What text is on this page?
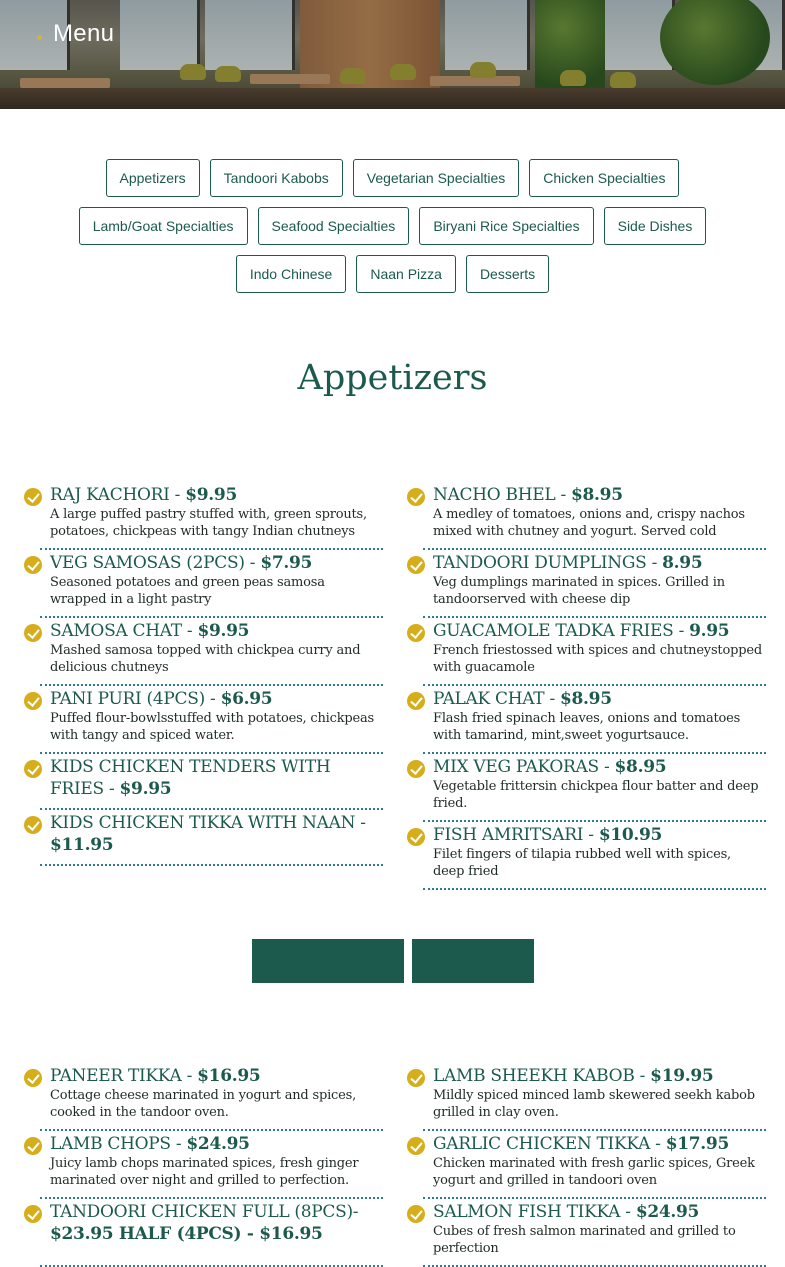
Menu
Appetizers	Tandoori Kabobs	Vegetarian Specialties	Chicken Specialties
Lamb/Goat Specialties	Seafood Specialties	Biryani Rice Specialties	Side Dishes
Indo Chinese	Naan Pizza	Desserts
Appetizers
RAJ KACHORI - $9.95
A large puffed pastry stuffed with, green sprouts, potatoes, chickpeas with tangy Indian chutneys
VEG SAMOSAS (2PCS) - $7.95
Seasoned potatoes and green peas samosa wrapped in a light pastry
SAMOSA CHAT - $9.95
Mashed samosa topped with chickpea curry and delicious chutneys
PANI PURI (4PCS) - $6.95
Puffed flour-bowlsstuffed with potatoes, chickpeas with tangy and spiced water.
KIDS CHICKEN TENDERS WITH FRIES - $9.95
KIDS CHICKEN TIKKA WITH NAAN - $11.95
NACHO BHEL - $8.95
A medley of tomatoes, onions and, crispy nachos mixed with chutney and yogurt. Served cold
TANDOORI DUMPLINGS - 8.95
Veg dumplings marinated in spices. Grilled in tandoorserved with cheese dip
GUACAMOLE TADKA FRIES - 9.95
French friestossed with spices and chutneystopped with guacamole
PALAK CHAT - $8.95
Flash fried spinach leaves, onions and tomatoes with tamarind, mint,sweet yogurtsauce.
MIX VEG PAKORAS - $8.95
Vegetable frittersin chickpea flour batter and deep fried.
FISH AMRITSARI - $10.95
Filet fingers of tilapia rubbed well with spices, deep fried
PANEER TIKKA - $16.95
Cottage cheese marinated in yogurt and spices, cooked in the tandoor oven.
LAMB CHOPS - $24.95
Juicy lamb chops marinated spices, fresh ginger marinated over night and grilled to perfection.
TANDOORI CHICKEN FULL (8PCS)- $23.95 HALF (4PCS) - $16.95
LAMB SHEEKH KABOB - $19.95
Mildly spiced minced lamb skewered seekh kabob grilled in clay oven.
GARLIC CHICKEN TIKKA - $17.95
Chicken marinated with fresh garlic spices, Greek yogurt and grilled in tandoori oven
SALMON FISH TIKKA - $24.95
Cubes of fresh salmon marinated and grilled to perfection
